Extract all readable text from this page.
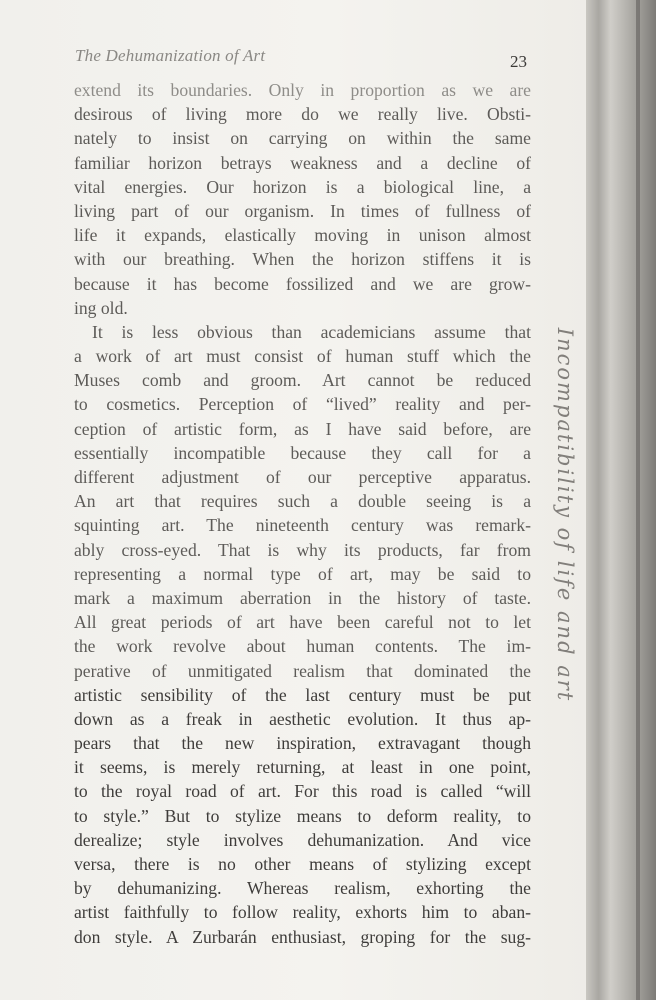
The Dehumanization of Art	23
extend its boundaries. Only in proportion as we are
desirous of living more do we really live. Obsti-
nately to insist on carrying on within the same
familiar horizon betrays weakness and a decline of
vital energies. Our horizon is a biological line, a
living part of our organism. In times of fullness of
life it expands, elastically moving in unison almost
with our breathing. When the horizon stiffens it is
because it has become fossilized and we are grow-
ing old.
It is less obvious than academicians assume that
a work of art must consist of human stuff which the
Muses comb and groom. Art cannot be reduced
to cosmetics. Perception of “lived” reality and per-
ception of artistic form, as I have said before, are
essentially incompatible because they call for a
different adjustment of our perceptive apparatus.
An art that requires such a double seeing is a
squinting art. The nineteenth century was remark-
ably cross-eyed. That is why its products, far from
representing a normal type of art, may be said to
mark a maximum aberration in the history of taste.
All great periods of art have been careful not to let
the work revolve about human contents. The im-
perative of unmitigated realism that dominated the
artistic sensibility of the last century must be put
down as a freak in aesthetic evolution. It thus ap-
pears that the new inspiration, extravagant though
it seems, is merely returning, at least in one point,
to the royal road of art. For this road is called “will
to style.” But to stylize means to deform reality, to
derealize; style involves dehumanization. And vice
versa, there is no other means of stylizing except
by dehumanizing. Whereas realism, exhorting the
artist faithfully to follow reality, exhorts him to aban-
don style. A Zurbarán enthusiast, groping for the sug-
Incompatibility of life and art
